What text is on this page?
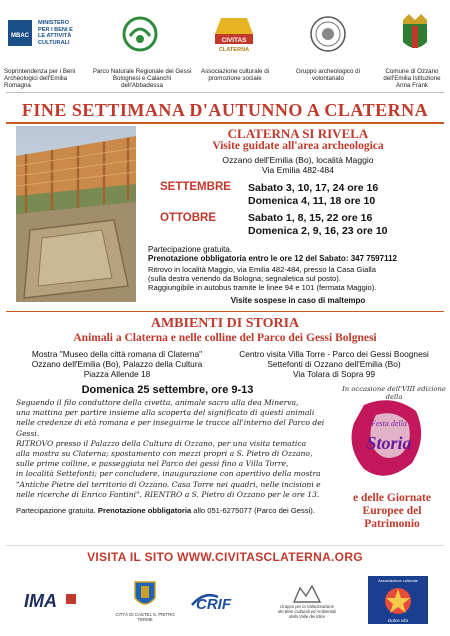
MBAC
MINISTERO
PER I BENI E
LE ATTIVITÀ
CULTURALI
Soprintendenza per i Beni Archeologici dell'Emilia Romagna
Parco Naturale Regionale dei Gessi Bolognesi e Calanchi dell'Abbadessa
CIVITAS
CLATERNA
Associazione culturale di promozione sociale
Gruppo archeologico di volontariato
Comune di Ozzano dell'Emilia Istituzione Anna Frank
FINE SETTIMANA D'AUTUNNO A CLATERNA
CLATERNA SI RIVELA
Visite guidate all'area archeologica
Ozzano dell'Emilia (Bo), località Maggio
Via Emilia 482-484
SETTEMBRE Sabato 3, 10, 17, 24 ore 16
Domenica 4, 11, 18 ore 10
OTTOBRE	Sabato 1, 8, 15, 22 ore 16
Domenica 2, 9, 16, 23 ore 10
Partecipazione gratuita.
Prenotazione obbligatoria entro le ore 12 del Sabato: 347 7597112
Ritrovo in località Maggio, via Emilia 482-484, presso la Casa Gialla
(sulla destra venendo da Bologna; segnaletica sul posto).
Raggiungibile in autobus tramite le linee 94 e 101 (fermata Maggio).
Visite sospese in caso di maltempo
AMBIENTI DI STORIA
Animali a Claterna e nelle colline del Parco dei Gessi Bolgnesi
Mostra "Museo della città romana di Claterna"
Ozzano dell'Emilia (Bo), Palazzo della Cultura
Piazza Allende 18
Centro visita Villa Torre - Parco dei Gessi Boognesi
Settefonti di Ozzano dell'Emilia (Bo)
Via Tolara di Sopra 99
Domenica 25 settembre, ore 9-13
Seguendo il filo conduttore della civetta, animale sacro alla dea Minerva,
una mattina per partire insieme alla scoperta del significato di questi animali
nelle credenze di età romana e per inseguirne le tracce all'interno del Parco dei
Gessi.
RITROVO presso il Palazzo della Cultura di Ozzano, per una visita tematica
alla mostra su Claterna; spostamento con mezzi propri a S. Pietro di Ozzano,
sulle prime colline, e passeggiata nel Parco dei gessi fino a Villa Torre,
in località Settefonti; per concludere, inaugurazione con aperitivo della mostra
"Antiche Pietre del territorio di Ozzano. Casa Torre nei quadri, nelle incisioni e
nelle ricerche di Enrico Fantini". RIENTRO a S. Pietro di Ozzano per le ore 13.
Partecipazione gratuita. Prenotazione obbligatoria allo 051-6275077 (Parco dei Gessi).
In occasione dell'VIII edizione della
Festa della
Storia
e delle Giornate
Europee del
Patrimonio
VISITA IL SITO WWW.CIVITASCLATERNA.ORG
IMA
CITTÀ DI CASTEL S. PIETRO TERME
CRIF	Gruppo per la Valorizzazione
dei Beni Culturali ed Ambientali
della Valle dei Idice
Associazione culturale
Dolce vita
